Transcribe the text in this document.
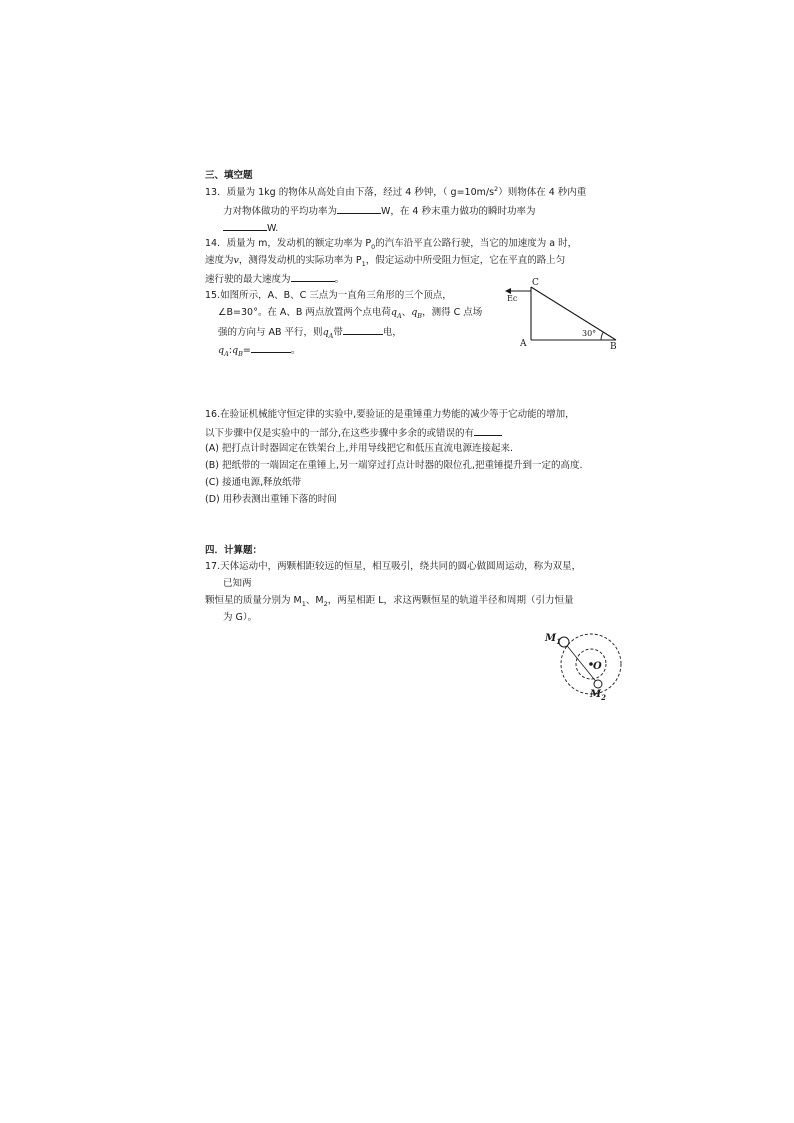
三、填空题
13．质量为 1kg 的物体从高处自由下落，经过 4 秒钟，（ $g=10m/s^2$）则物体在 4 秒内重
力对物体做功的平均功率为	W，在 4 秒末重力做功的瞬时功率为
W.
14．质量为 m，发动机的额定功率为 $P_0$的汽车沿平直公路行驶，当它的加速度为 a 时，
速度为v，测得发动机的实际功率为 $P_1$，假定运动中所受阻力恒定，它在平直的路上匀
速行驶的最大速度为	。
15.如图所示，A、B、C 三点为一直角三角形的三个顶点，
∠B=30°。在 A、B 两点放置两个点电荷$q_A$、$q_B$，测得 C 点场
强的方向与 AB 平行，则$q_A$带	电，
$q_A:q_B=$	。
C
Ec
30°
A	B
16.在验证机械能守恒定律的实验中,要验证的是重锤重力势能的减少等于它动能的增加，
以下步骤中仅是实验中的一部分,在这些步骤中多余的或错误的有
(A) 把打点计时器固定在铁架台上,并用导线把它和低压直流电源连接起来.
(B) 把纸带的一端固定在重锤上,另一端穿过打点计时器的限位孔,把重锤提升到一定的高度.
(C) 接通电源,释放纸带
(D) 用秒表测出重锤下落的时间
四．计算题：
17.天体运动中，两颗相距较远的恒星，相互吸引，绕共同的圆心做圆周运动，称为双星，
已知两
颗恒星的质量分别为 $M_1$、$M_2$，两星相距 L，求这两颗恒星的轨道半径和周期（引力恒量
为 G）。
$M_1$
O
$M_2$
